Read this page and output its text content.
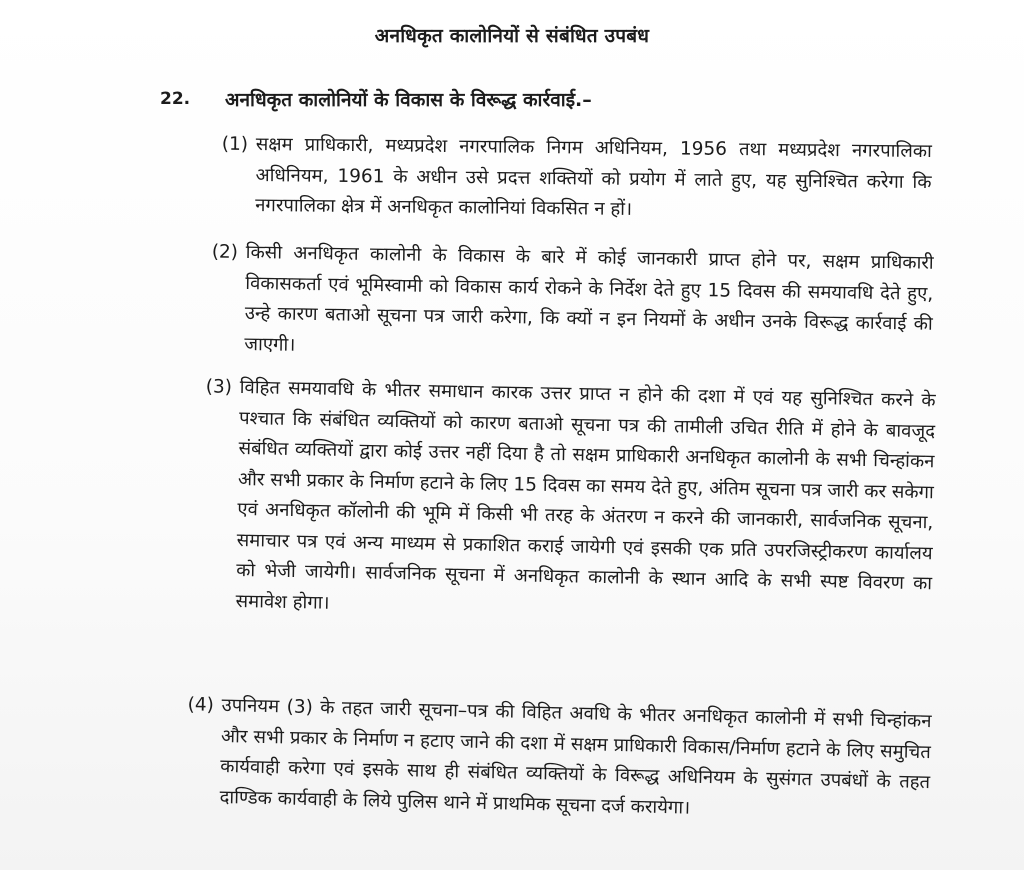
अनधिकृत कालोनियों से संबंधित उपबंध
22. अनधिकृत कालोनियों के विकास के विरूद्ध कार्रवाई.–
(1) सक्षम प्राधिकारी, मध्यप्रदेश नगरपालिक निगम अधिनियम, 1956 तथा मध्यप्रदेश नगरपालिका अधिनियम, 1961 के अधीन उसे प्रदत्त शक्तियों को प्रयोग में लाते हुए, यह सुनिश्चित करेगा कि नगरपालिका क्षेत्र में अनधिकृत कालोनियां विकसित न हों।
(2) किसी अनधिकृत कालोनी के विकास के बारे में कोई जानकारी प्राप्त होने पर, सक्षम प्राधिकारी विकासकर्ता एवं भूमिस्वामी को विकास कार्य रोकने के निर्देश देते हुए 15 दिवस की समयावधि देते हुए, उन्हे कारण बताओ सूचना पत्र जारी करेगा, कि क्यों न इन नियमों के अधीन उनके विरूद्ध कार्रवाई की जाएगी।
(3) विहित समयावधि के भीतर समाधान कारक उत्तर प्राप्त न होने की दशा में एवं यह सुनिश्चित करने के पश्चात कि संबंधित व्यक्तियों को कारण बताओ सूचना पत्र की तामीली उचित रीति में होने के बावजूद संबंधित व्यक्तियों द्वारा कोई उत्तर नहीं दिया है तो सक्षम प्राधिकारी अनधिकृत कालोनी के सभी चिन्हांकन और सभी प्रकार के निर्माण हटाने के लिए 15 दिवस का समय देते हुए, अंतिम सूचना पत्र जारी कर सकेगा एवं अनधिकृत कॉलोनी की भूमि में किसी भी तरह के अंतरण न करने की जानकारी, सार्वजनिक सूचना, समाचार पत्र एवं अन्य माध्यम से प्रकाशित कराई जायेगी एवं इसकी एक प्रति उपरजिस्ट्रीकरण कार्यालय को भेजी जायेगी। सार्वजनिक सूचना में अनधिकृत कालोनी के स्थान आदि के सभी स्पष्ट विवरण का समावेश होगा।
(4) उपनियम (3) के तहत जारी सूचना–पत्र की विहित अवधि के भीतर अनधिकृत कालोनी में सभी चिन्हांकन और सभी प्रकार के निर्माण न हटाए जाने की दशा में सक्षम प्राधिकारी विकास/निर्माण हटाने के लिए समुचित कार्यवाही करेगा एवं इसके साथ ही संबंधित व्यक्तियों के विरूद्ध अधिनियम के सुसंगत उपबंधों के तहत दाण्डिक कार्यवाही के लिये पुलिस थाने में प्राथमिक सूचना दर्ज करायेगा।
